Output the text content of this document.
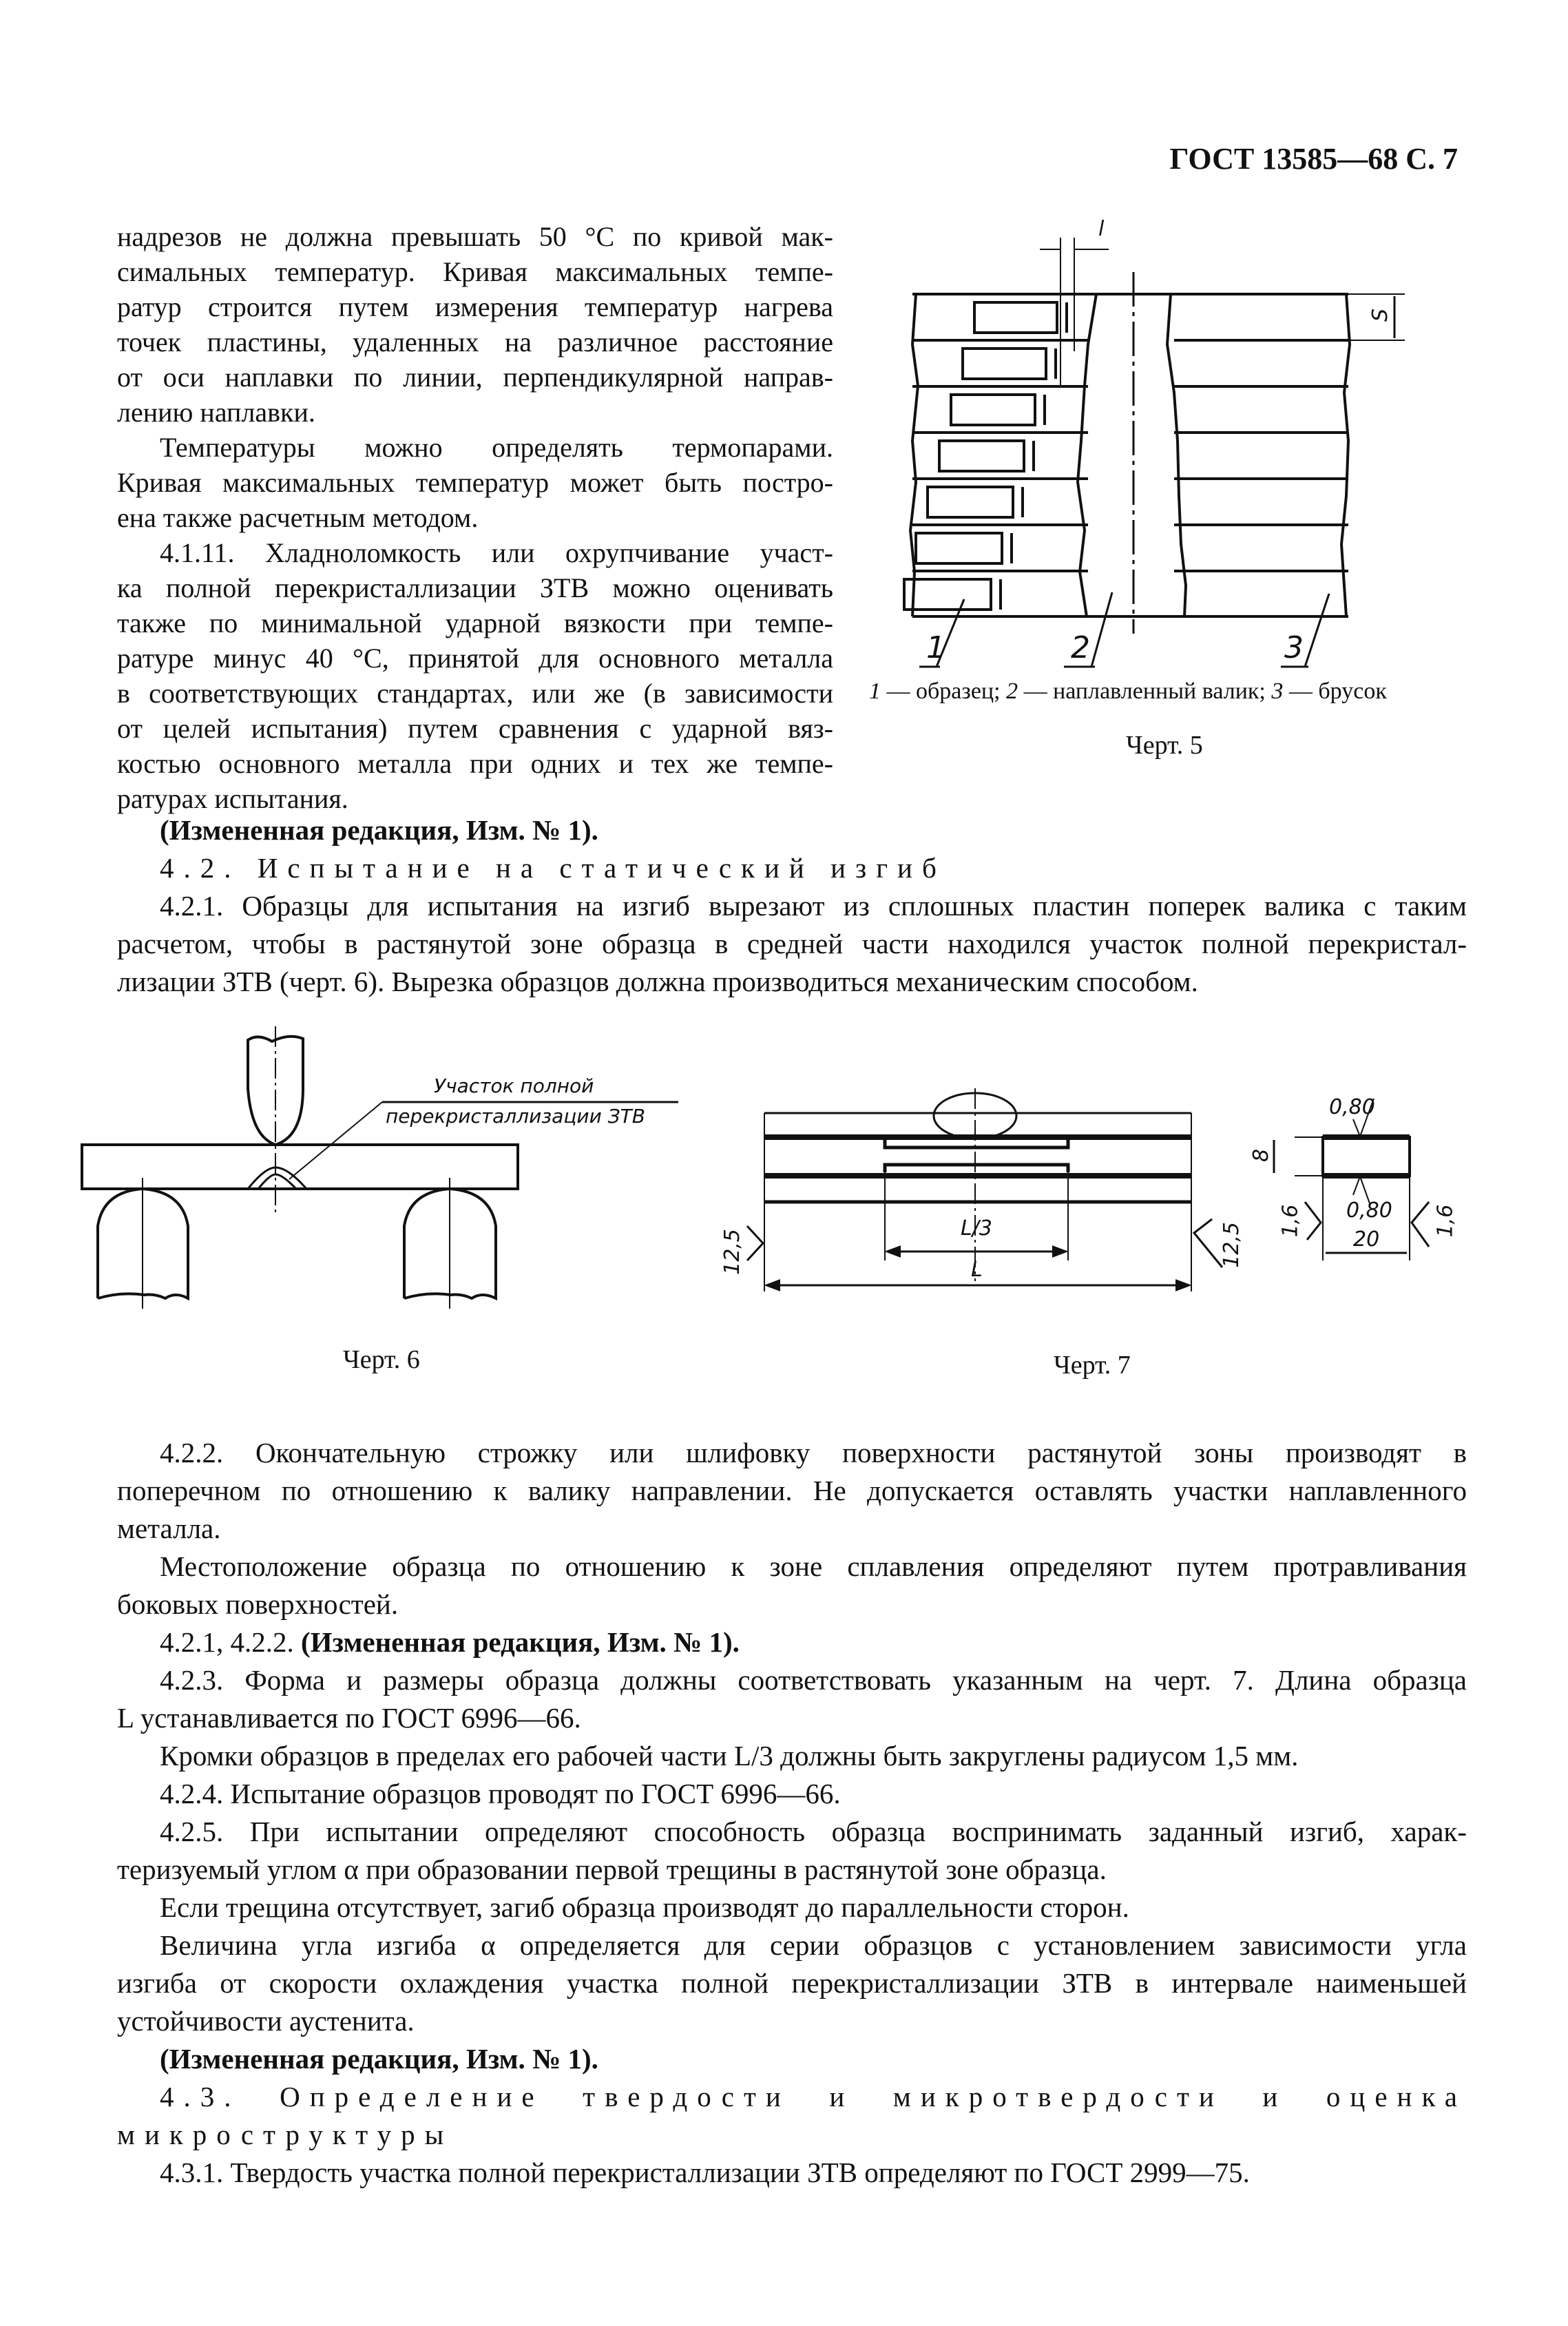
ГОСТ 13585—68 С. 7
надрезов не должна превышать 50 °С по кривой мак-
симальных температур. Кривая максимальных темпе-
ратур строится путем измерения температур нагрева
точек пластины, удаленных на различное расстояние
от оси наплавки по линии, перпендикулярной направ-
лению наплавки.
Температуры можно определять термопарами.
Кривая максимальных температур может быть постро-
ена также расчетным методом.
4.1.11. Хладноломкость или охрупчивание участ-
ка полной перекристаллизации ЗТВ можно оценивать
также по минимальной ударной вязкости при темпе-
ратуре минус 40 °С, принятой для основного металла
в соответствующих стандартах, или же (в зависимости
от целей испытания) путем сравнения с ударной вяз-
костью основного металла при одних и тех же темпе-
ратурах испытания.
l
S
1	2	3
1 — образец; 2 — наплавленный валик; 3 — брусок
Черт. 5
(Измененная редакция, Изм. № 1).
4.2. Испытание на статический изгиб
4.2.1. Образцы для испытания на изгиб вырезают из сплошных пластин поперек валика с таким
расчетом, чтобы в растянутой зоне образца в средней части находился участок полной перекристал-
лизации ЗТВ (черт. 6). Вырезка образцов должна производиться механическим способом.
Участок полной
перекристаллизации ЗТВ
Черт. 6
L/3
L
12,5	12,5
8
0,80
0,80
1,6	1,6
20
Черт. 7
4.2.2. Окончательную строжку или шлифовку поверхности растянутой зоны производят в
поперечном по отношению к валику направлении. Не допускается оставлять участки наплавленного
металла.
Местоположение образца по отношению к зоне сплавления определяют путем протравливания
боковых поверхностей.
4.2.1, 4.2.2. (Измененная редакция, Изм. № 1).
4.2.3. Форма и размеры образца должны соответствовать указанным на черт. 7. Длина образца
L устанавливается по ГОСТ 6996—66.
Кромки образцов в пределах его рабочей части L/3 должны быть закруглены радиусом 1,5 мм.
4.2.4. Испытание образцов проводят по ГОСТ 6996—66.
4.2.5. При испытании определяют способность образца воспринимать заданный изгиб, харак-
теризуемый углом α при образовании первой трещины в растянутой зоне образца.
Если трещина отсутствует, загиб образца производят до параллельности сторон.
Величина угла изгиба α определяется для серии образцов с установлением зависимости угла
изгиба от скорости охлаждения участка полной перекристаллизации ЗТВ в интервале наименьшей
устойчивости аустенита.
(Измененная редакция, Изм. № 1).
4.3. Определение твердости и микротвердости и оценка
микроструктуры
4.3.1. Твердость участка полной перекристаллизации ЗТВ определяют по ГОСТ 2999—75.
